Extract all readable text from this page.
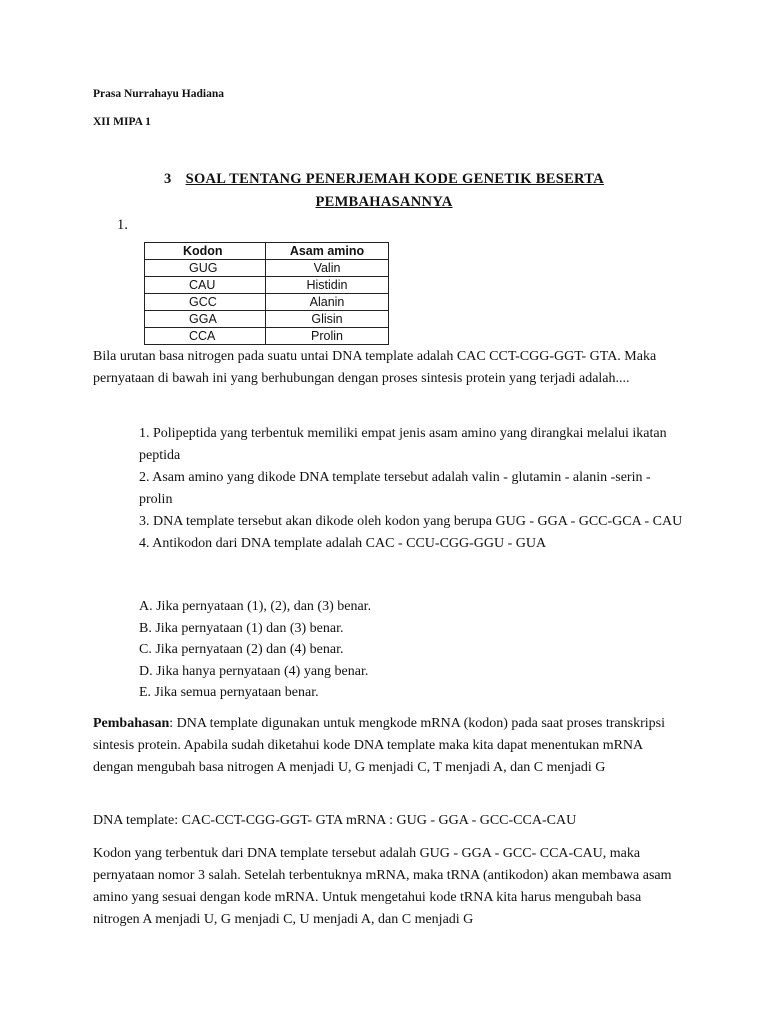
Prasa Nurrahayu Hadiana
XII MIPA 1
3 SOAL TENTANG PENERJEMAH KODE GENETIK BESERTA
PEMBAHASANNYA
1.
Kodon	Asam amino
GUG	Valin
CAU	Histidin
GCC	Alanin
GGA	Glisin
CCA	Prolin
Bila urutan basa nitrogen pada suatu untai DNA template adalah CAC CCT-CGG-GGT- GTA. Maka pernyataan di bawah ini yang berhubungan dengan proses sintesis protein yang terjadi adalah....
1. Polipeptida yang terbentuk memiliki empat jenis asam amino yang dirangkai melalui ikatan peptida
2. Asam amino yang dikode DNA template tersebut adalah valin - glutamin - alanin -serin - prolin
3. DNA template tersebut akan dikode oleh kodon yang berupa GUG - GGA - GCC-GCA - CAU
4. Antikodon dari DNA template adalah CAC - CCU-CGG-GGU - GUA
A. Jika pernyataan (1), (2), dan (3) benar.
B. Jika pernyataan (1) dan (3) benar.
C. Jika pernyataan (2) dan (4) benar.
D. Jika hanya pernyataan (4) yang benar.
E. Jika semua pernyataan benar.
Pembahasan: DNA template digunakan untuk mengkode mRNA (kodon) pada saat proses transkripsi sintesis protein. Apabila sudah diketahui kode DNA template maka kita dapat menentukan mRNA dengan mengubah basa nitrogen A menjadi U, G menjadi C, T menjadi A, dan C menjadi G
DNA template: CAC-CCT-CGG-GGT- GTA mRNA : GUG - GGA - GCC-CCA-CAU
Kodon yang terbentuk dari DNA template tersebut adalah GUG - GGA - GCC- CCA-CAU, maka pernyataan nomor 3 salah. Setelah terbentuknya mRNA, maka tRNA (antikodon) akan membawa asam amino yang sesuai dengan kode mRNA. Untuk mengetahui kode tRNA kita harus mengubah basa nitrogen A menjadi U, G menjadi C, U menjadi A, dan C menjadi G
